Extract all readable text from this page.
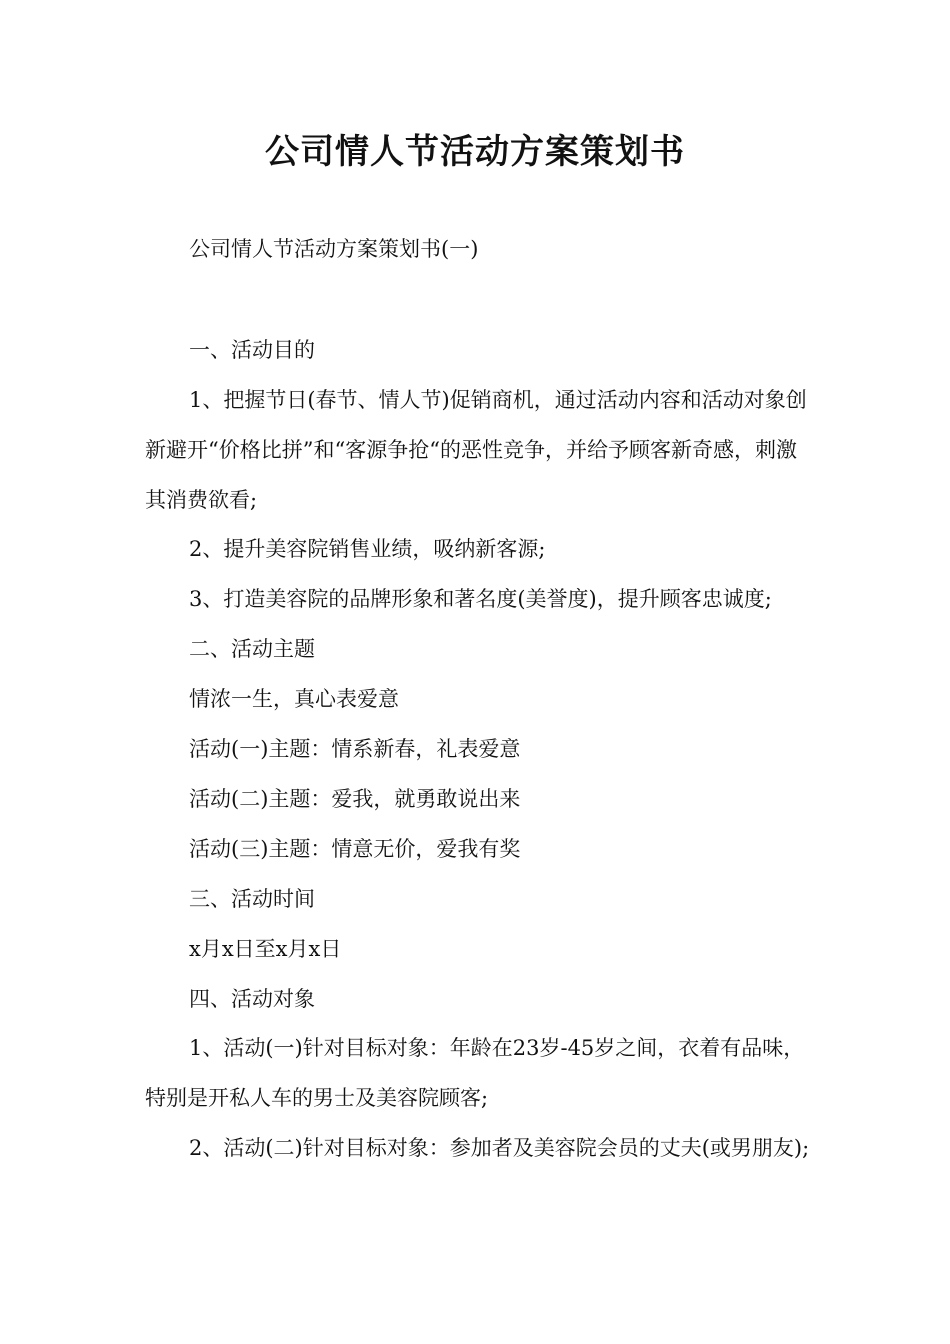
公司情人节活动方案策划书

公司情人节活动方案策划书(一)

一、活动目的

1、把握节日(春节、情人节)促销商机，通过活动内容和活动对象创新避开“价格比拼”和“客源争抢“的恶性竞争，并给予顾客新奇感，刺激其消费欲看;

2、提升美容院销售业绩，吸纳新客源;

3、打造美容院的品牌形象和著名度(美誉度)，提升顾客忠诚度;

二、活动主题

情浓一生，真心表爱意

活动(一)主题：情系新春，礼表爱意

活动(二)主题：爱我，就勇敢说出来

活动(三)主题：情意无价，爱我有奖

三、活动时间

x月x日至x月x日

四、活动对象

1、活动(一)针对目标对象：年龄在23岁-45岁之间，衣着有品味，特别是开私人车的男士及美容院顾客;

2、活动(二)针对目标对象：参加者及美容院会员的丈夫(或男朋友);
